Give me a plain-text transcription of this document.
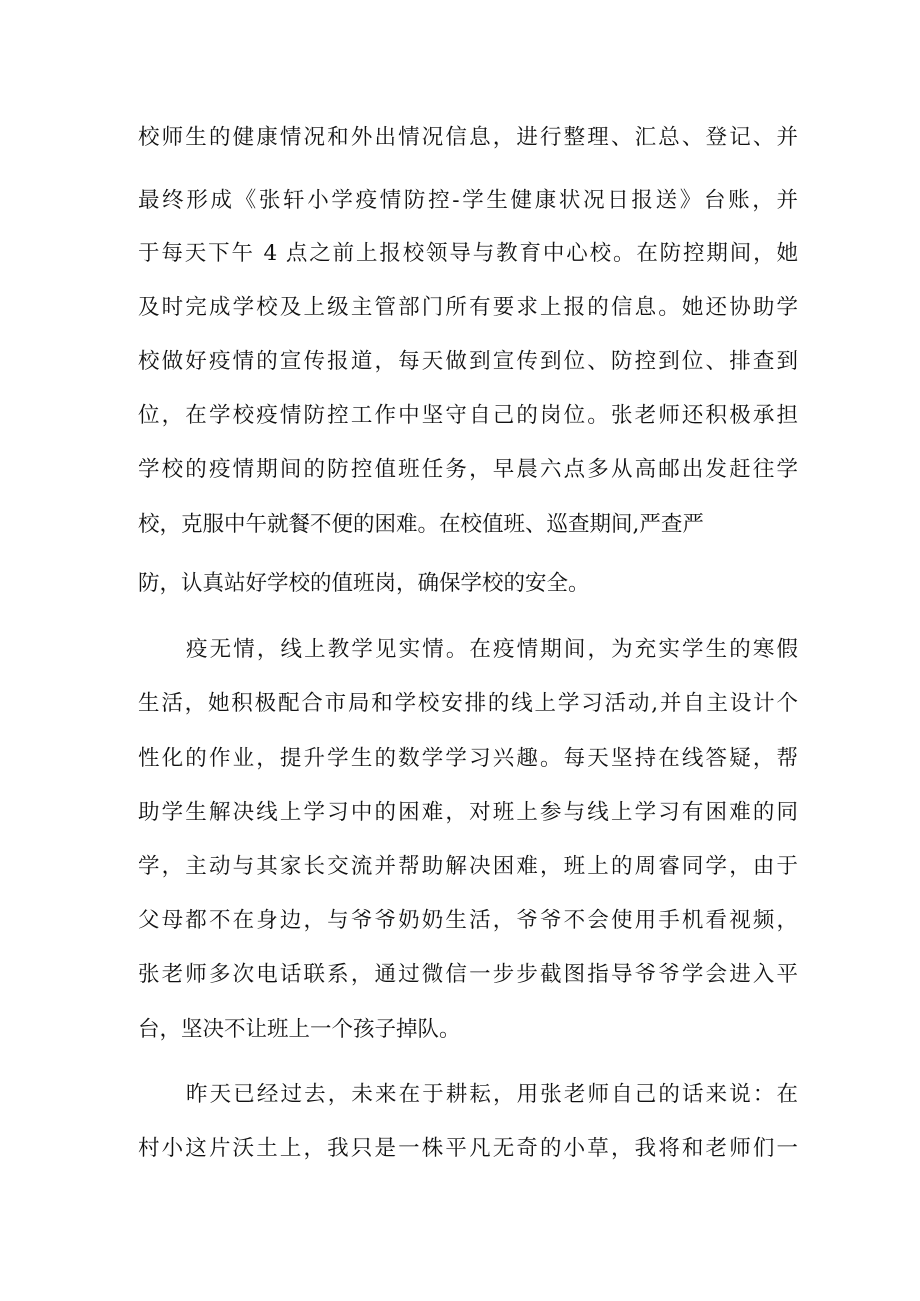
校师生的健康情况和外出情况信息，进行整理、汇总、登记、并
最终形成《张轩小学疫情防控-学生健康状况日报送》台账，并
于每天下午 4 点之前上报校领导与教育中心校。在防控期间，她
及时完成学校及上级主管部门所有要求上报的信息。她还协助学
校做好疫情的宣传报道，每天做到宣传到位、防控到位、排查到
位，在学校疫情防控工作中坚守自己的岗位。张老师还积极承担
学校的疫情期间的防控值班任务，早晨六点多从高邮出发赶往学
校，克服中午就餐不便的困难。在校值班、巡查期间,严查严
防，认真站好学校的值班岗，确保学校的安全。
疫无情，线上教学见实情。在疫情期间，为充实学生的寒假
生活，她积极配合市局和学校安排的线上学习活动,并自主设计个
性化的作业，提升学生的数学学习兴趣。每天坚持在线答疑，帮
助学生解决线上学习中的困难，对班上参与线上学习有困难的同
学，主动与其家长交流并帮助解决困难，班上的周睿同学，由于
父母都不在身边，与爷爷奶奶生活，爷爷不会使用手机看视频，
张老师多次电话联系，通过微信一步步截图指导爷爷学会进入平
台，坚决不让班上一个孩子掉队。
昨天已经过去，未来在于耕耘，用张老师自己的话来说：在
村小这片沃土上，我只是一株平凡无奇的小草，我将和老师们一
